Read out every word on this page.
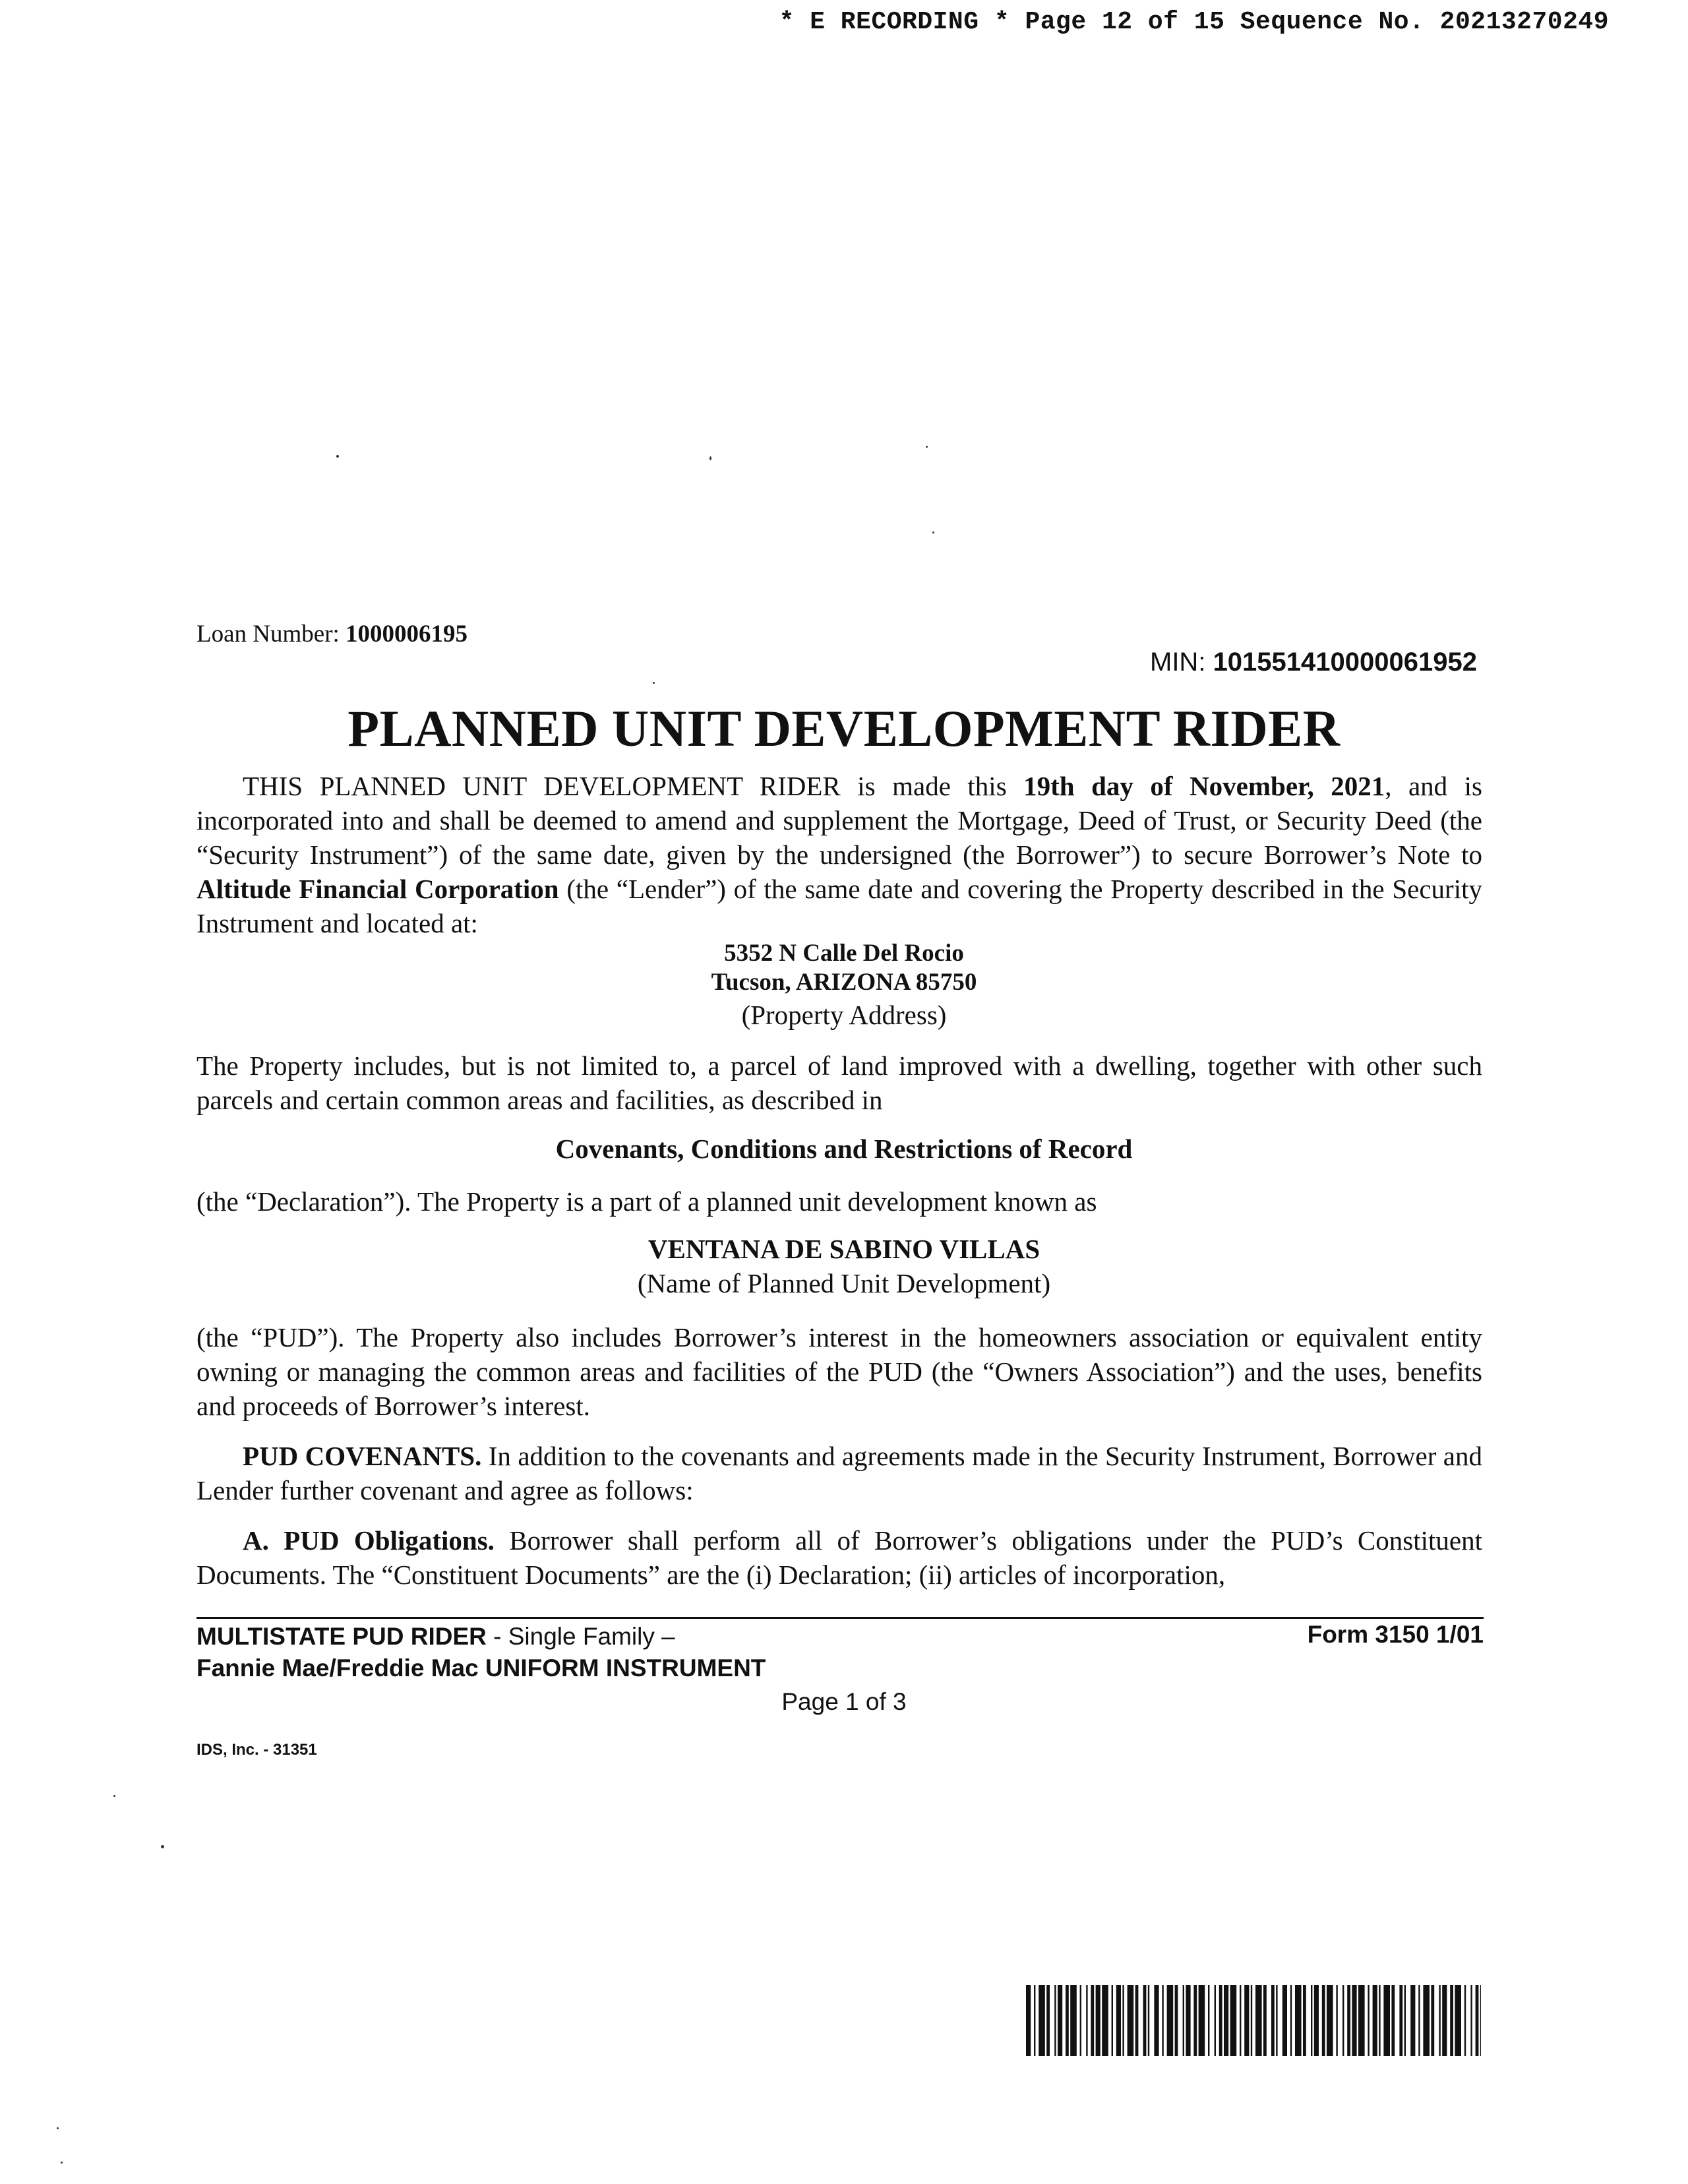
* E RECORDING * Page 12 of 15 Sequence No. 20213270249
Loan Number: 1000006195
MIN: 101551410000061952
PLANNED UNIT DEVELOPMENT RIDER
THIS PLANNED UNIT DEVELOPMENT RIDER is made this 19th day of November, 2021, and is incorporated into and shall be deemed to amend and supplement the Mortgage, Deed of Trust, or Security Deed (the “Security Instrument”) of the same date, given by the undersigned (the Borrower”) to secure Borrower’s Note to Altitude Financial Corporation (the “Lender”) of the same date and covering the Property described in the Security Instrument and located at:
5352 N Calle Del Rocio
Tucson, ARIZONA 85750
(Property Address)
The Property includes, but is not limited to, a parcel of land improved with a dwelling, together with other such parcels and certain common areas and facilities, as described in
Covenants, Conditions and Restrictions of Record
(the “Declaration”). The Property is a part of a planned unit development known as
VENTANA DE SABINO VILLAS
(Name of Planned Unit Development)
(the “PUD”). The Property also includes Borrower’s interest in the homeowners association or equivalent entity owning or managing the common areas and facilities of the PUD (the “Owners Association”) and the uses, benefits and proceeds of Borrower’s interest.
PUD COVENANTS. In addition to the covenants and agreements made in the Security Instrument, Borrower and Lender further covenant and agree as follows:
A. PUD Obligations. Borrower shall perform all of Borrower’s obligations under the PUD’s Constituent Documents. The “Constituent Documents” are the (i) Declaration; (ii) articles of incorporation,
MULTISTATE PUD RIDER - Single Family –
Fannie Mae/Freddie Mac UNIFORM INSTRUMENT
Form 3150 1/01
Page 1 of 3
IDS, Inc. - 31351
